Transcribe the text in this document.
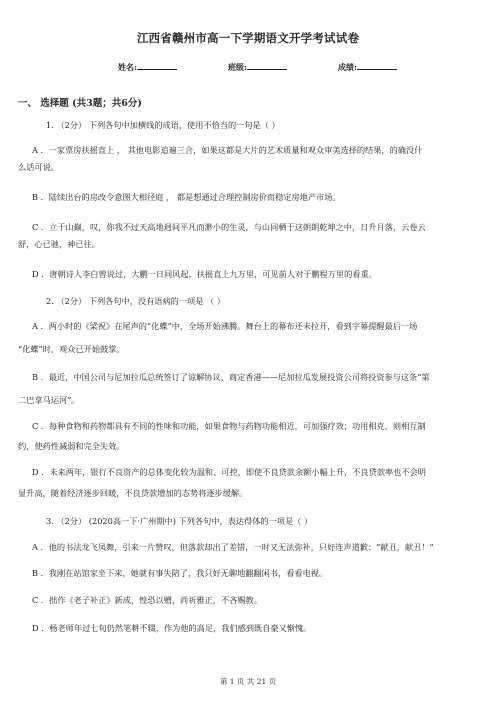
江西省赣州市高一下学期语文开学考试试卷
姓名:	班级:	成绩:
一、 选择题 (共3题；共6分)
1. （2分） 下列各句中加横线的成语，使用不恰当的一句是（ ）
A ．一家票房扶摇直上 ， 其他电影追遍三合，如果这都是大片的艺术质量和观众审美选择的结果，的确没什
么话可说。
B ．陆续出台的房改令意图大相径庭 ， 都是想通过合理控制房价而稳定房地产市场。
C ．立于山巅，叹，你我不过天高地迥间平凡而渺小的生灵，与山同栖于这朗朗乾坤之中，日升月落，云卷云
舒，心已驰，神已往。
D ．唐朝诗人李白曾说过，大鹏一日同风起，扶摇直上九万里，可见前人对于鹏程万里的看重。
2. （2分） 下列各句中，没有语病的一项是 （ ）
A ．两小时的《梁祝》在尾声的“化蝶”中，全场开始沸腾。舞台上的幕布还未拉开，看到字幕提醒最后一场
“化蝶”时，观众已开始鼓掌。
B ．最近，中国公司与尼加拉瓜总统签订了谅解协议，商定香港——尼加拉瓜发展投资公司将投资参与这条“第
二巴拿马运河”。
C ．每种食物和药物都具有不同的性味和功能，如果食物与药物功能相近，可加强疗效；功用相克，则相互制
约，使药性减弱和完全失效。
D ．未来两年，银行不良资产的总体变化较为温和、可控，即使不良贷款余额小幅上升，不良贷款率也不会明
显升高，随着经济逐步回暖，不良贷款增加的态势将逐步缓解。
3. （2分） (2020高一下·广州期中) 下列各句中，表达得体的一项是（ ）
A ．他的书法龙飞凤舞，引来一片赞叹，但落款却出了差错，一时又无法弥补，只好连声道歉：“献丑，献丑！”
B ．我刚在站馆家坐下来，她就有事失陪了，我只好无聊地翻翻闲书，看看电视。
C ．拙作《老子补正》新成，惶恐以赠，尚祈雅正，不吝赐教。
D ．杨老师年过七旬仍然笔耕不辍，作为他的高足，我们感到既自豪又惭愧。
第 1 页 共 21 页
